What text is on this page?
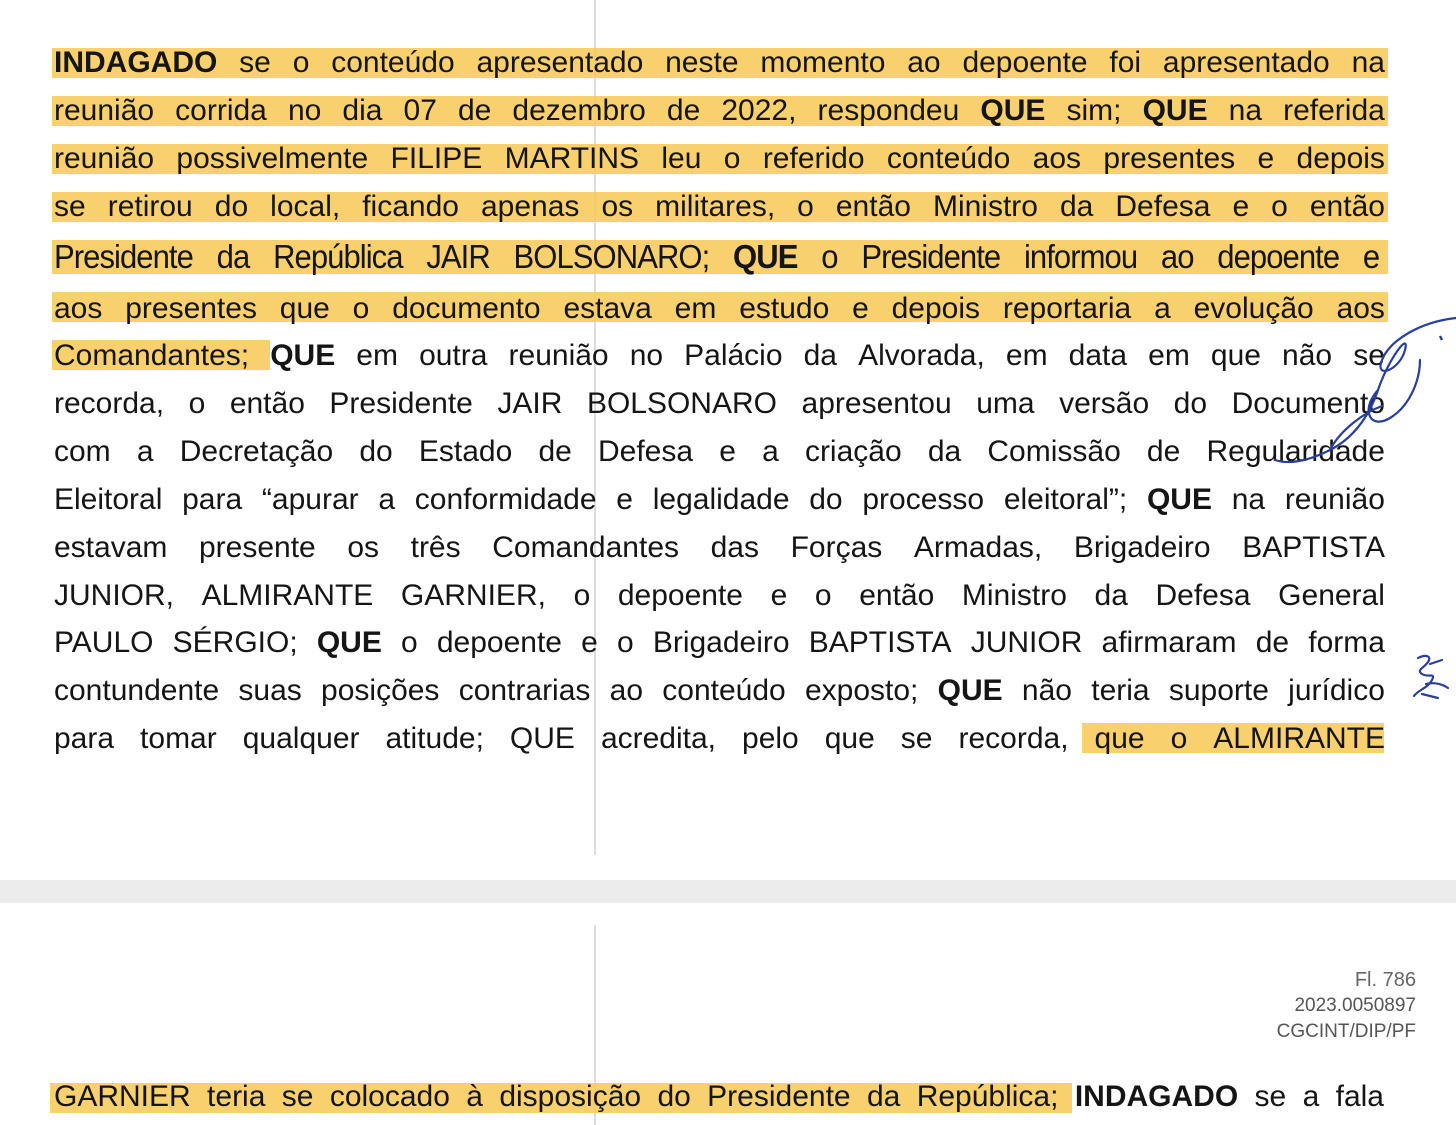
INDAGADO se o conteúdo apresentado neste momento ao depoente foi apresentado na
reunião corrida no dia 07 de dezembro de 2022, respondeu QUE sim; QUE na referida
reunião possivelmente FILIPE MARTINS leu o referido conteúdo aos presentes e depois
se retirou do local, ficando apenas os militares, o então Ministro da Defesa e o então
Presidente da República JAIR BOLSONARO; QUE o Presidente informou ao depoente e
aos presentes que o documento estava em estudo e depois reportaria a evolução aos
Comandantes; QUE em outra reunião no Palácio da Alvorada, em data em que não se
recorda, o então Presidente JAIR BOLSONARO apresentou uma versão do Documento
com a Decretação do Estado de Defesa e a criação da Comissão de Regularidade
Eleitoral para “apurar a conformidade e legalidade do processo eleitoral”; QUE na reunião
estavam presente os três Comandantes das Forças Armadas, Brigadeiro BAPTISTA
JUNIOR, ALMIRANTE GARNIER, o depoente e o então Ministro da Defesa General
PAULO SÉRGIO; QUE o depoente e o Brigadeiro BAPTISTA JUNIOR afirmaram de forma
contundente suas posições contrarias ao conteúdo exposto; QUE não teria suporte jurídico
para tomar qualquer atitude; QUE acredita, pelo que se recorda, que o ALMIRANTE
Fl. 786
2023.0050897
CGCINT/DIP/PF
GARNIER teria se colocado à disposição do Presidente da República; INDAGADO se a fala
